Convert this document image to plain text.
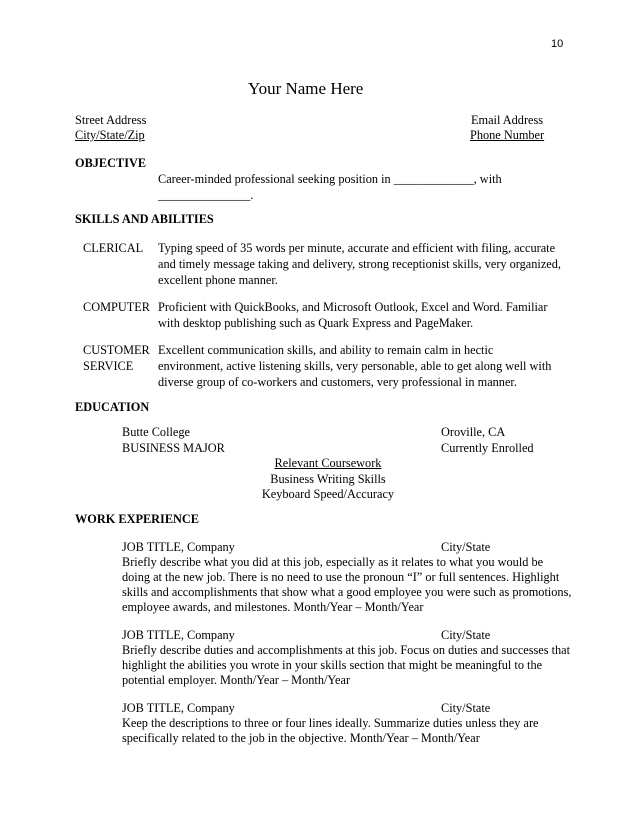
10
Your Name Here
Street Address	Email Address
City/State/Zip	Phone Number
OBJECTIVE
Career-minded professional seeking position in _____________, with
_______________.
SKILLS AND ABILITIES
CLERICAL Typing speed of 35 words per minute, accurate and efficient with filing, accurate
and timely message taking and delivery, strong receptionist skills, very organized,
excellent phone manner.
COMPUTER Proficient with QuickBooks, and Microsoft Outlook, Excel and Word. Familiar
with desktop publishing such as Quark Express and PageMaker.
CUSTOMER
SERVICE
Excellent communication skills, and ability to remain calm in hectic
environment, active listening skills, very personable, able to get along well with
diverse group of co-workers and customers, very professional in manner.
EDUCATION
Butte College	Oroville, CA
BUSINESS MAJOR	Currently Enrolled
Relevant Coursework
Business Writing Skills
Keyboard Speed/Accuracy
WORK EXPERIENCE
JOB TITLE, Company	City/State
Briefly describe what you did at this job, especially as it relates to what you would be
doing at the new job. There is no need to use the pronoun “I” or full sentences. Highlight
skills and accomplishments that show what a good employee you were such as promotions,
employee awards, and milestones. Month/Year – Month/Year
JOB TITLE, Company	City/State
Briefly describe duties and accomplishments at this job. Focus on duties and successes that
highlight the abilities you wrote in your skills section that might be meaningful to the
potential employer. Month/Year – Month/Year
JOB TITLE, Company	City/State
Keep the descriptions to three or four lines ideally. Summarize duties unless they are
specifically related to the job in the objective. Month/Year – Month/Year
